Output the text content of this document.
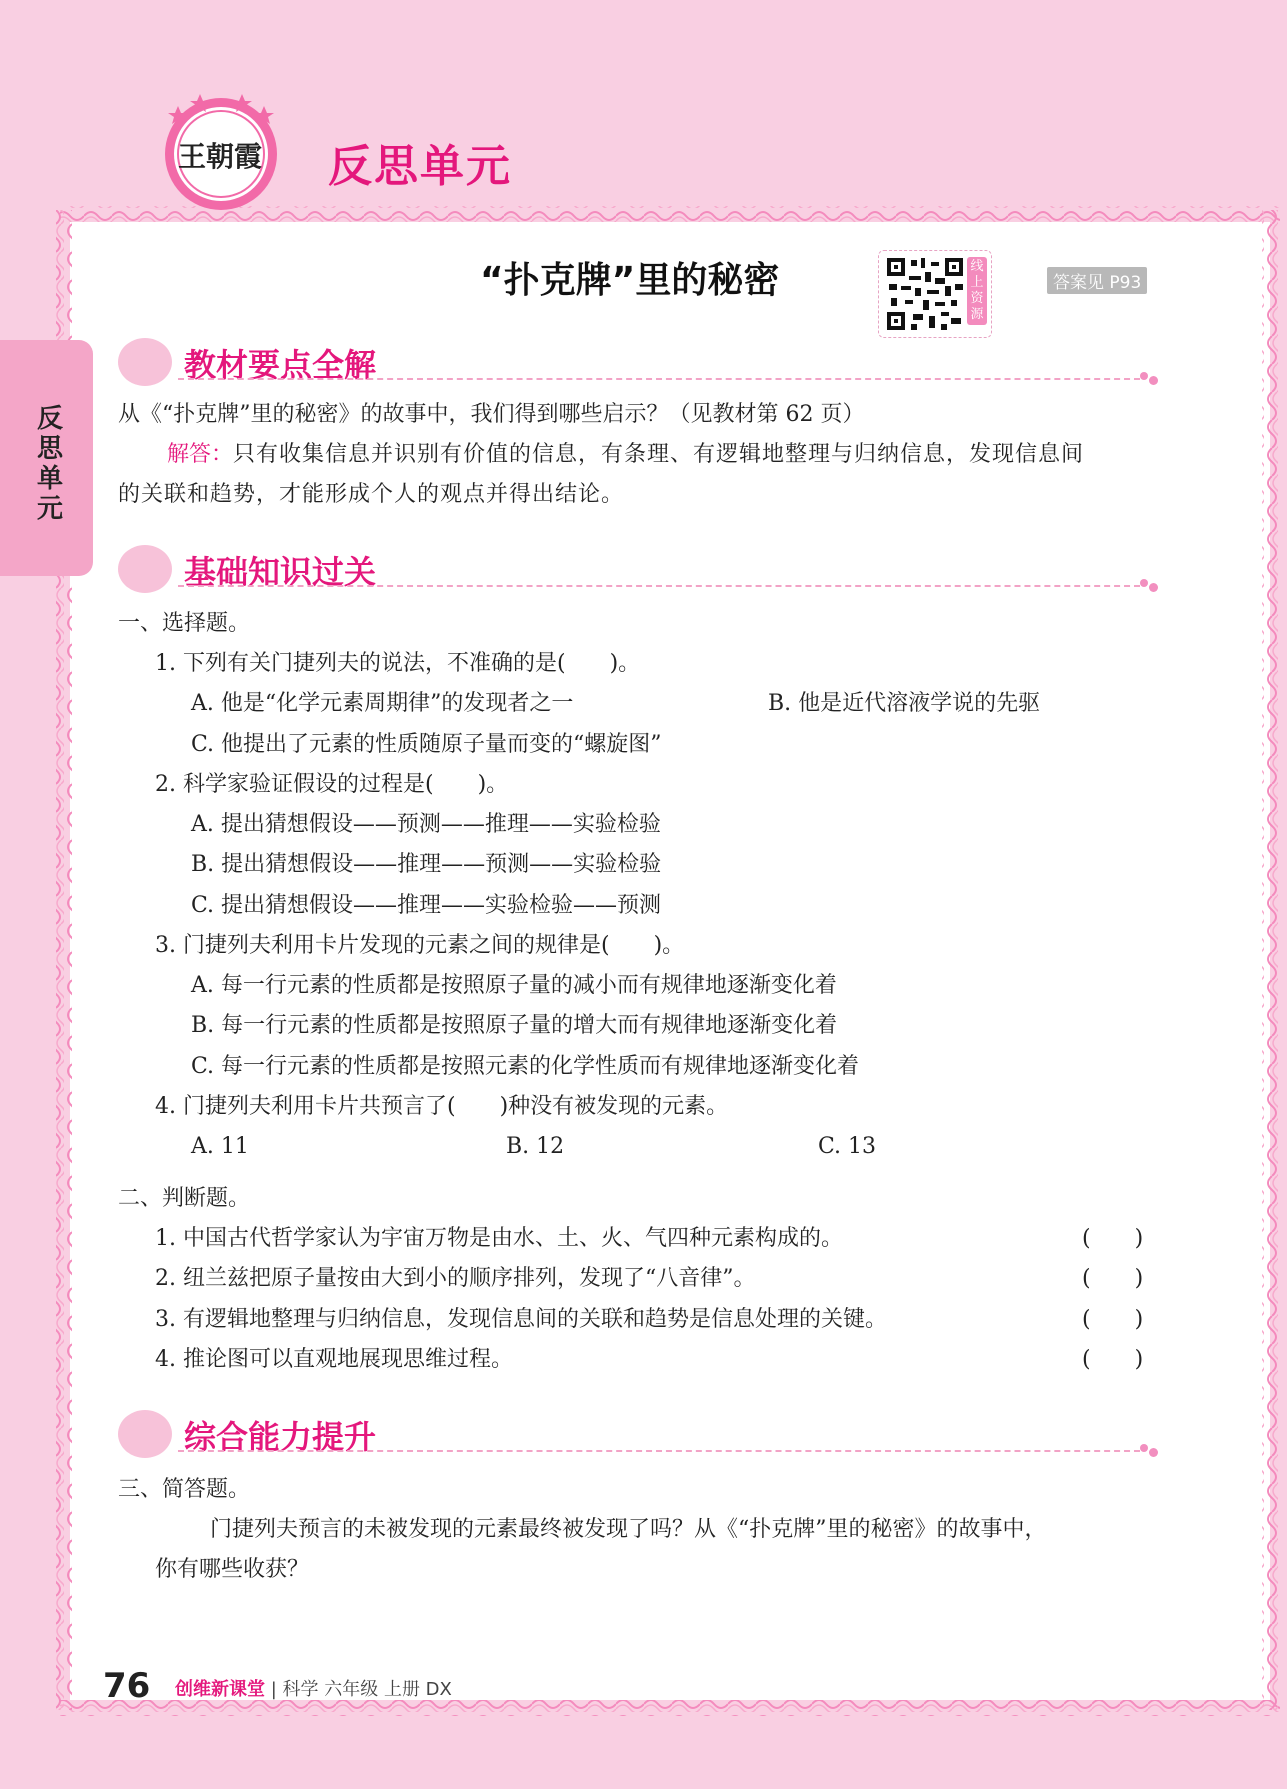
王朝霞 反思单元
反思单元
“扑克牌”里的秘密	线上资源
答案见 P93
教材要点全解
从《“扑克牌”里的秘密》的故事中，我们得到哪些启示？（见教材第 62 页）
解答：只有收集信息并识别有价值的信息，有条理、有逻辑地整理与归纳信息，发现信息间
的关联和趋势，才能形成个人的观点并得出结论。
基础知识过关
一、选择题。
1. 下列有关门捷列夫的说法，不准确的是(　　)。
A. 他是“化学元素周期律”的发现者之一	B. 他是近代溶液学说的先驱
C. 他提出了元素的性质随原子量而变的“螺旋图”
2. 科学家验证假设的过程是(　　)。
A. 提出猜想假设——预测——推理——实验检验
B. 提出猜想假设——推理——预测——实验检验
C. 提出猜想假设——推理——实验检验——预测
3. 门捷列夫利用卡片发现的元素之间的规律是(　　)。
A. 每一行元素的性质都是按照原子量的减小而有规律地逐渐变化着
B. 每一行元素的性质都是按照原子量的增大而有规律地逐渐变化着
C. 每一行元素的性质都是按照元素的化学性质而有规律地逐渐变化着
4. 门捷列夫利用卡片共预言了(　　)种没有被发现的元素。
A. 11	B. 12	C. 13
二、判断题。
1. 中国古代哲学家认为宇宙万物是由水、土、火、气四种元素构成的。	(　　)
2. 纽兰兹把原子量按由大到小的顺序排列，发现了“八音律”。	(　　)
3. 有逻辑地整理与归纳信息，发现信息间的关联和趋势是信息处理的关键。	(　　)
4. 推论图可以直观地展现思维过程。	(　　)
综合能力提升
三、简答题。
门捷列夫预言的未被发现的元素最终被发现了吗？从《“扑克牌”里的秘密》的故事中，
你有哪些收获？
76 创维新课堂 | 科学 六年级 上册 DX
